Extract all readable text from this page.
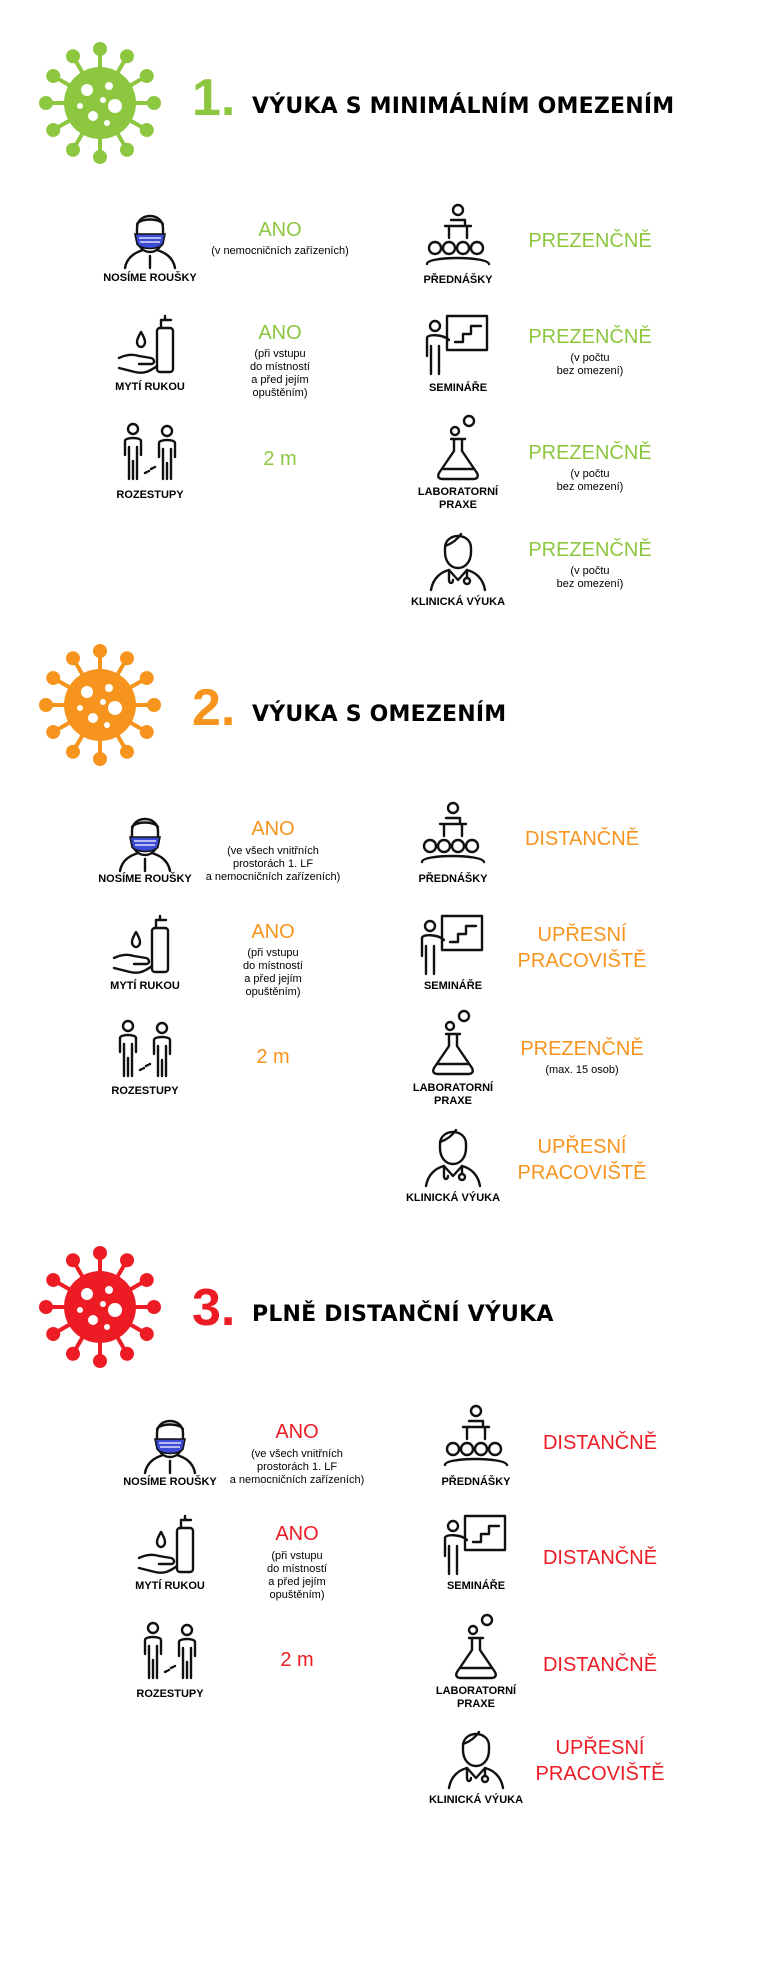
1. VÝUKA S MINIMÁLNÍM OMEZENÍM
NOSÍME ROUŠKY
ANO
(v nemocničních zařízeních)
MYTÍ RUKOU
ANO
(při vstupu
do místností
a před jejím
opuštěním)
ROZESTUPY
2 m
PŘEDNÁŠKY
PREZENČNĚ
SEMINÁŘE
PREZENČNĚ
(v počtu
bez omezení)
LABORATORNÍ
PRAXE
PREZENČNĚ
(v počtu
bez omezení)
KLINICKÁ VÝUKA
PREZENČNĚ
(v počtu
bez omezení)
2. VÝUKA S OMEZENÍM
NOSÍME ROUŠKY
ANO
(ve všech vnitřních
prostorách 1. LF
a nemocničních zařízeních)
MYTÍ RUKOU
ANO
(při vstupu
do místností
a před jejím
opuštěním)
ROZESTUPY
2 m
PŘEDNÁŠKY
DISTANČNĚ
SEMINÁŘE
UPŘESNÍ
PRACOVIŠTĚ
LABORATORNÍ
PRAXE
PREZENČNĚ
(max. 15 osob)
KLINICKÁ VÝUKA
UPŘESNÍ
PRACOVIŠTĚ
3. PLNĚ DISTANČNÍ VÝUKA
NOSÍME ROUŠKY
ANO
(ve všech vnitřních
prostorách 1. LF
a nemocničních zařízeních)
MYTÍ RUKOU
ANO
(při vstupu
do místností
a před jejím
opuštěním)
ROZESTUPY
2 m
PŘEDNÁŠKY
DISTANČNĚ
SEMINÁŘE
DISTANČNĚ
LABORATORNÍ
PRAXE
DISTANČNĚ
KLINICKÁ VÝUKA
UPŘESNÍ
PRACOVIŠTĚ
